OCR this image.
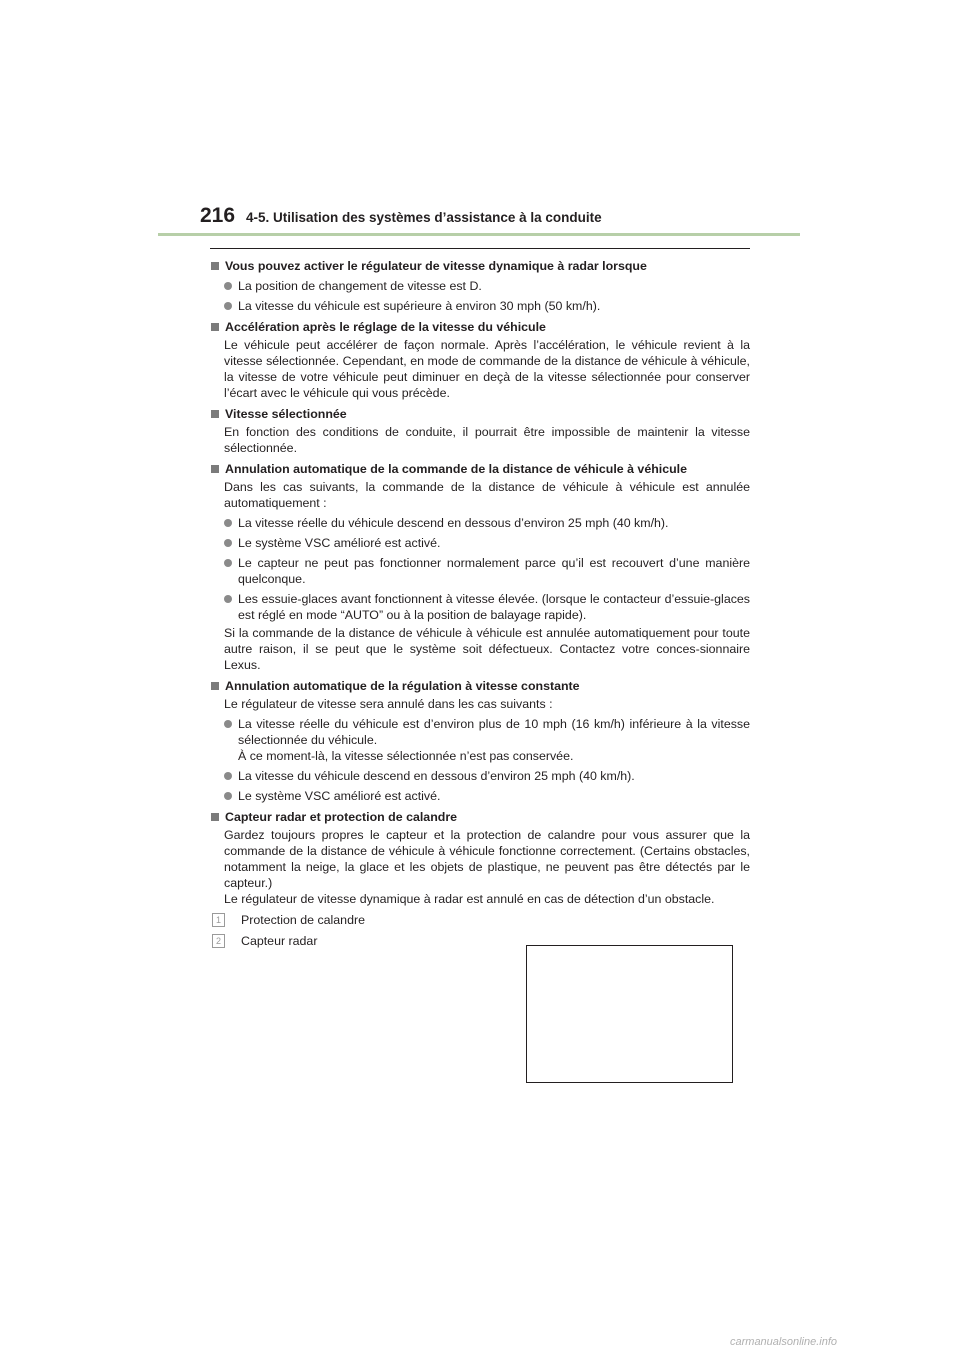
216 4-5. Utilisation des systèmes d’assistance à la conduite
Vous pouvez activer le régulateur de vitesse dynamique à radar lorsque
La position de changement de vitesse est D.
La vitesse du véhicule est supérieure à environ 30 mph (50 km/h).
Accélération après le réglage de la vitesse du véhicule
Le véhicule peut accélérer de façon normale. Après l’accélération, le véhicule revient à la vitesse sélectionnée. Cependant, en mode de commande de la distance de véhicule à véhicule, la vitesse de votre véhicule peut diminuer en deçà de la vitesse sélectionnée pour conserver l’écart avec le véhicule qui vous précède.
Vitesse sélectionnée
En fonction des conditions de conduite, il pourrait être impossible de maintenir la vitesse sélectionnée.
Annulation automatique de la commande de la distance de véhicule à véhicule
Dans les cas suivants, la commande de la distance de véhicule à véhicule est annulée automatiquement :
La vitesse réelle du véhicule descend en dessous d’environ 25 mph (40 km/h).
Le système VSC amélioré est activé.
Le capteur ne peut pas fonctionner normalement parce qu’il est recouvert d’une manière quelconque.
Les essuie-glaces avant fonctionnent à vitesse élevée. (lorsque le contacteur d’essuie-glaces est réglé en mode “AUTO” ou à la position de balayage rapide).
Si la commande de la distance de véhicule à véhicule est annulée automatiquement pour toute autre raison, il se peut que le système soit défectueux. Contactez votre conces-sionnaire Lexus.
Annulation automatique de la régulation à vitesse constante
Le régulateur de vitesse sera annulé dans les cas suivants :
La vitesse réelle du véhicule est d’environ plus de 10 mph (16 km/h) inférieure à la vitesse sélectionnée du véhicule.
À ce moment-là, la vitesse sélectionnée n’est pas conservée.
La vitesse du véhicule descend en dessous d’environ 25 mph (40 km/h).
Le système VSC amélioré est activé.
Capteur radar et protection de calandre
Gardez toujours propres le capteur et la protection de calandre pour vous assurer que la commande de la distance de véhicule à véhicule fonctionne correctement. (Certains obstacles, notamment la neige, la glace et les objets de plastique, ne peuvent pas être détectés par le capteur.)
Le régulateur de vitesse dynamique à radar est annulé en cas de détection d’un obstacle.
1	Protection de calandre
2	Capteur radar
carmanualsonline.info
